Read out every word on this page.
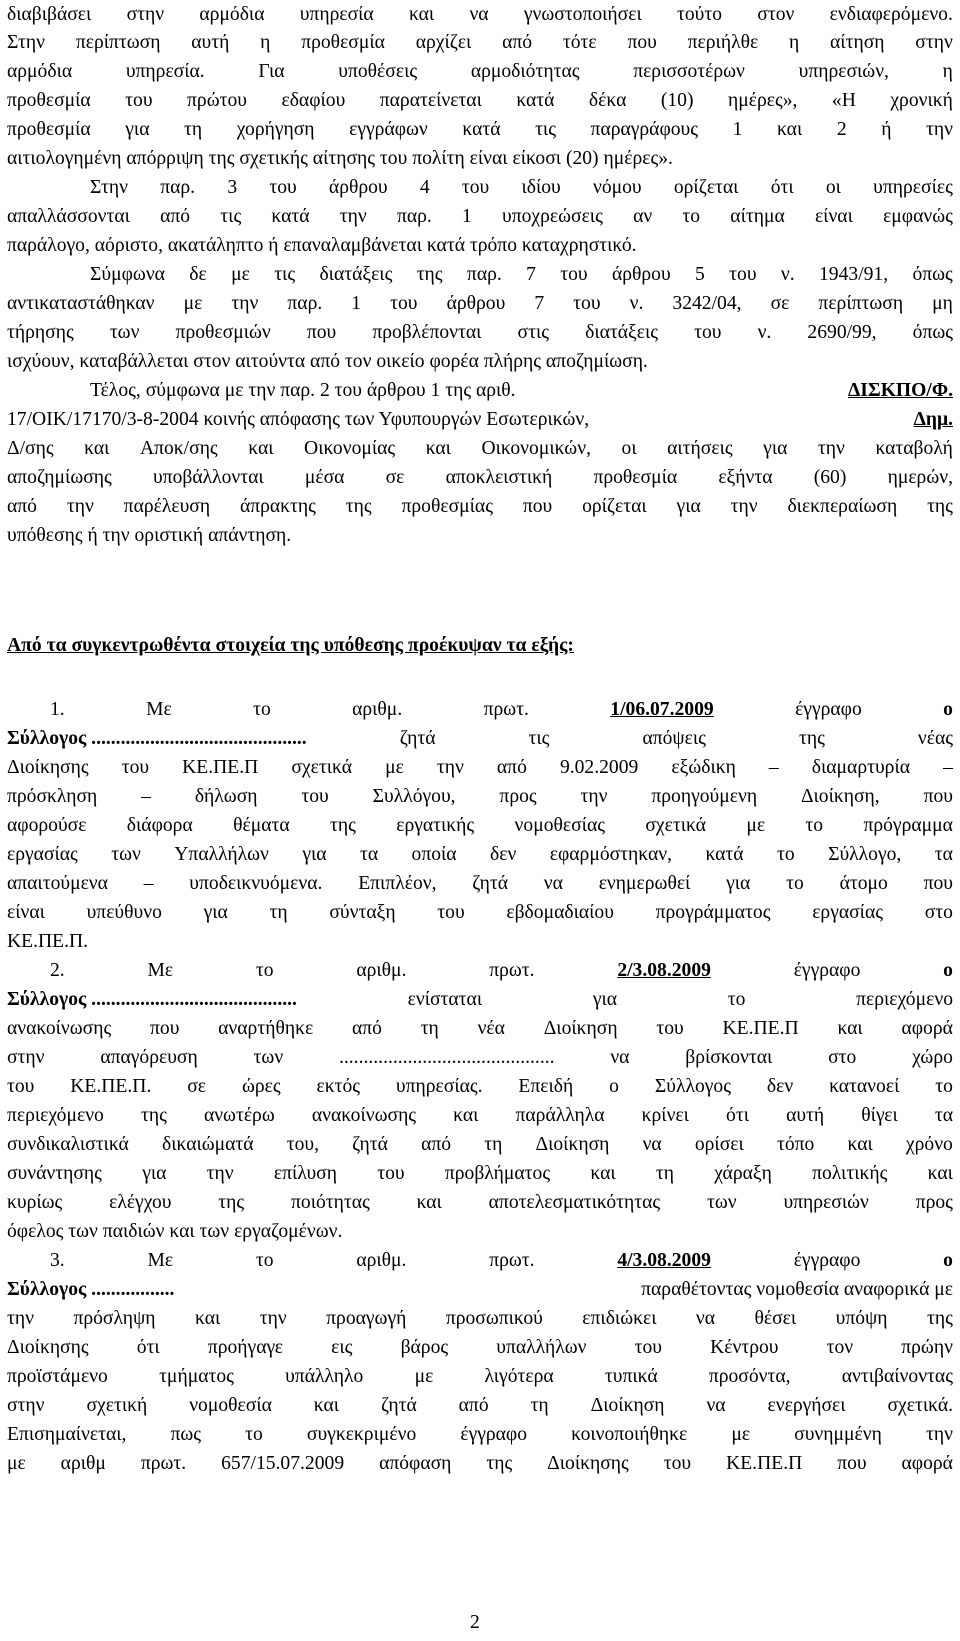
διαβιβάσει στην αρμόδια υπηρεσία και να γνωστοποιήσει τούτο στον ενδιαφερόμενο.
Στην περίπτωση αυτή η προθεσμία αρχίζει από τότε που περιήλθε η αίτηση στην
αρμόδια	υπηρεσία.	Για	υποθέσεις	αρμοδιότητας	περισσοτέρων	υπηρεσιών,	η
προθεσμία του πρώτου εδαφίου παρατείνεται κατά δέκα (10) ημέρες», «Η χρονική
προθεσμία για τη χορήγηση εγγράφων κατά τις παραγράφους 1 και 2 ή την
αιτιολογημένη απόρριψη της σχετικής αίτησης του πολίτη είναι είκοσι (20) ημέρες».
Στην παρ. 3 του άρθρου 4 του ιδίου νόμου ορίζεται ότι οι υπηρεσίες
απαλλάσσονται από τις κατά την παρ. 1 υποχρεώσεις αν το αίτημα είναι εμφανώς
παράλογο, αόριστο, ακατάληπτο ή επαναλαμβάνεται κατά τρόπο καταχρηστικό.
Σύμφωνα δε με τις διατάξεις της παρ. 7 του άρθρου 5 του ν. 1943/91, όπως
αντικαταστάθηκαν με την παρ. 1 του άρθρου 7 του ν. 3242/04, σε περίπτωση μη
τήρησης των προθεσμιών που προβλέπονται στις διατάξεις του ν. 2690/99, όπως
ισχύουν, καταβάλλεται στον αιτούντα από τον οικείο φορέα πλήρης αποζημίωση.
Τέλος, σύμφωνα με την παρ. 2 του άρθρου 1 της αριθ.	ΔΙΣΚΠΟ/Φ.
17/ΟΙΚ/17170/3-8-2004 κοινής απόφασης των Υφυπουργών Εσωτερικών,	Δημ.
Δ/σης και Αποκ/σης και Οικονομίας και Οικονομικών, οι αιτήσεις για την καταβολή
αποζημίωσης υποβάλλονται μέσα σε αποκλειστική προθεσμία εξήντα (60) ημερών,
από την παρέλευση άπρακτης της προθεσμίας που ορίζεται για την διεκπεραίωση της
υπόθεσης ή την οριστική απάντηση.
Από τα συγκεντρωθέντα στοιχεία της υπόθεσης προέκυψαν τα εξής:
1.	Με	το	αριθμ.	πρωτ.	1/06.07.2009	έγγραφο	ο
Σύλλογος ............................................	ζητά	τις	απόψεις	της	νέας
Διοίκησης του ΚΕ.ΠΕ.Π σχετικά με την από 9.02.2009 εξώδικη – διαμαρτυρία –
πρόσκληση – δήλωση του Συλλόγου, προς την προηγούμενη Διοίκηση, που
αφορούσε διάφορα θέματα της εργατικής νομοθεσίας σχετικά με το πρόγραμμα
εργασίας των Υπαλλήλων για τα οποία δεν εφαρμόστηκαν, κατά το Σύλλογο, τα
απαιτούμενα – υποδεικνυόμενα. Επιπλέον, ζητά να ενημερωθεί για το άτομο που
είναι υπεύθυνο για τη σύνταξη του εβδομαδιαίου προγράμματος εργασίας στο
ΚΕ.ΠΕ.Π.
2.	Με	το	αριθμ.	πρωτ.	2/3.08.2009	έγγραφο	ο
Σύλλογος ..........................................	ενίσταται	για	το	περιεχόμενο
ανακοίνωσης που αναρτήθηκε από τη νέα Διοίκηση του ΚΕ.ΠΕ.Π και αφορά
στην	απαγόρευση	των	............................................	να	βρίσκονται	στο	χώρο
του ΚΕ.ΠΕ.Π. σε ώρες εκτός υπηρεσίας. Επειδή ο Σύλλογος δεν κατανοεί το
περιεχόμενο της ανωτέρω ανακοίνωσης και παράλληλα κρίνει ότι αυτή θίγει τα
συνδικαλιστικά δικαιώματά του, ζητά από τη Διοίκηση να ορίσει τόπο και χρόνο
συνάντησης για την επίλυση του προβλήματος και τη χάραξη πολιτικής και
κυρίως ελέγχου της ποιότητας και αποτελεσματικότητας των υπηρεσιών προς
όφελος των παιδιών και των εργαζομένων.
3.	Με	το	αριθμ.	πρωτ.	4/3.08.2009	έγγραφο	ο
Σύλλογος .................	παραθέτοντας νομοθεσία αναφορικά με
την πρόσληψη και την προαγωγή προσωπικού επιδιώκει να θέσει υπόψη της
Διοίκησης ότι προήγαγε εις βάρος υπαλλήλων του Κέντρου τον πρώην
προϊστάμενο	τμήματος	υπάλληλο	με	λιγότερα	τυπικά	προσόντα,	αντιβαίνοντας
στην σχετική νομοθεσία και ζητά από τη Διοίκηση να ενεργήσει σχετικά.
Επισημαίνεται, πως το συγκεκριμένο έγγραφο κοινοποιήθηκε με συνημμένη την
με αριθμ πρωτ. 657/15.07.2009 απόφαση της Διοίκησης του ΚΕ.ΠΕ.Π που αφορά
2
